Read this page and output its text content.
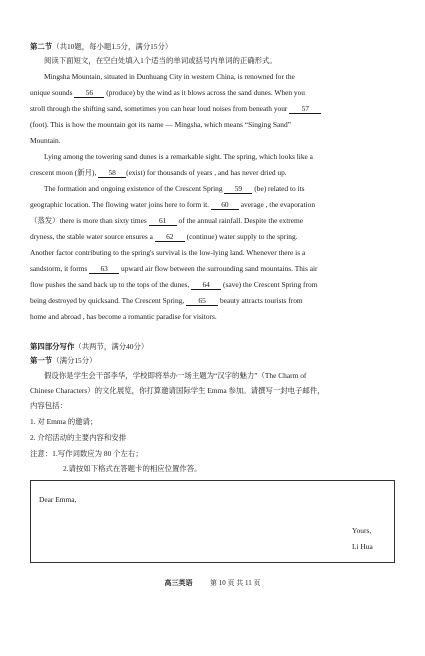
第二节（共10题，每小题1.5分，满分15分）
阅读下面短文，在空白处填入1个适当的单词或括号内单词的正确形式。
Mingsha Mountain, situated in Dunhuang City in western China, is renowned for the
unique sounds 56 (produce) by the wind as it blows across the sand dunes. When you
stroll through the shifting sand, sometimes you can hear loud noises from beneath your 57
(foot). This is how the mountain got its name — Mingsha, which means “Singing Sand”
Mountain.
Lying among the towering sand dunes is a remarkable sight. The spring, which looks like a
crescent moon (新月), 58 (exist) for thousands of years , and has never dried up.
The formation and ongoing existence of the Crescent Spring 59 (be) related to its
geographic location. The flowing water joins here to form it. 60 average , the evaporation
（蒸发）there is more than sixty times 61 of the annual rainfall. Despite the extreme
dryness, the stable water source ensures a 62 (continue) water supply to the spring.
Another factor contributing to the spring's survival is the low-lying land. Whenever there is a
sandstorm, it forms 63 upward air flow between the surrounding sand mountains. This air
flow pushes the sand back up to the tops of the dunes, 64 (save) the Crescent Spring from
being destroyed by quicksand. The Crescent Spring, 65 beauty attracts tourists from
home and abroad , has become a romantic paradise for visitors.
第四部分写作（共两节，满分40分）
第一节（满分15分）
假设你是学生会干部李华，学校即将举办一场主题为“汉字的魅力”（The Charm of
Chinese Characters）的文化展览，你打算邀请国际学生 Emma 参加。请撰写一封电子邮件，
内容包括：
1. 对 Emma 的邀请；
2. 介绍活动的主要内容和安排
注意：1.写作词数应为 80 个左右；
2.请按如下格式在答题卡的相应位置作答。
Dear Emma,
Yours,
Li Hua
高三英语	第 10 页 共 11 页
